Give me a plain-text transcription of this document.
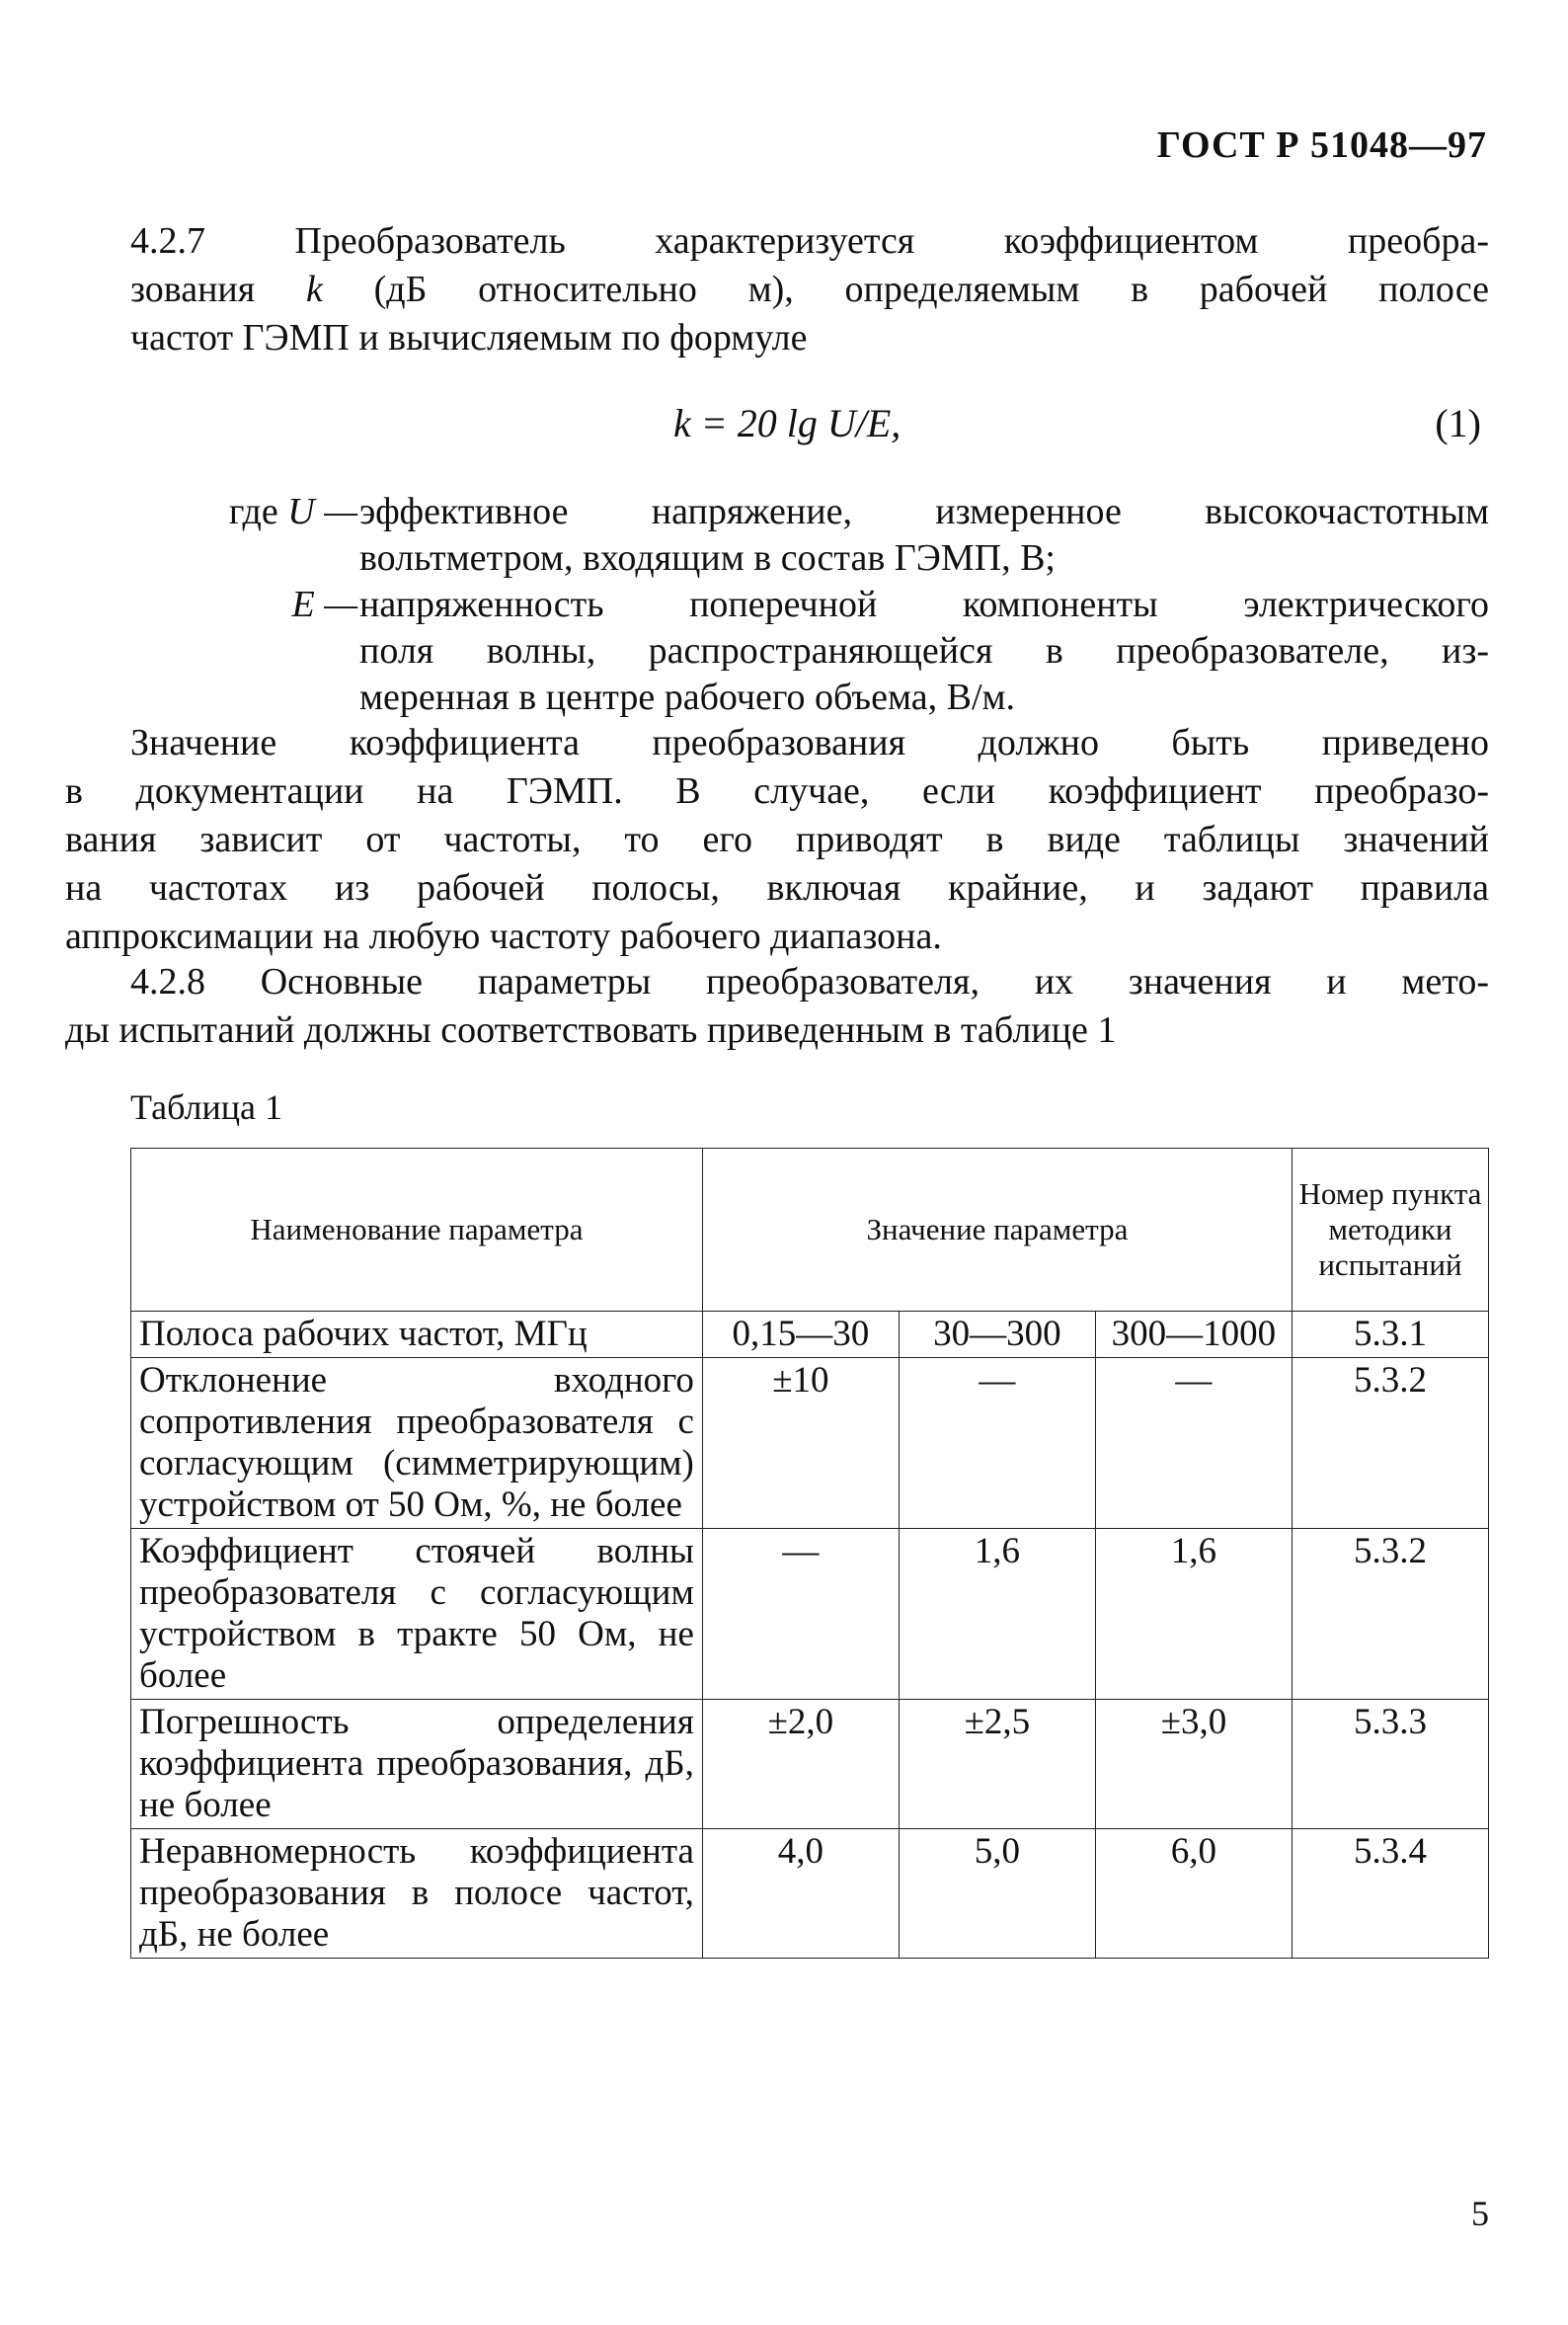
ГОСТ Р 51048—97
4.2.7 Преобразователь характеризуется коэффициентом преобра-
зования k (дБ относительно м), определяемым в рабочей полосе
частот ГЭМП и вычисляемым по формуле
k = 20 lg U/E,	(1)
где U — эффективное напряжение, измеренное высокочастотным
вольтметром, входящим в состав ГЭМП, В;
E — напряженность поперечной компоненты электрического
поля волны, распространяющейся в преобразователе, из-
меренная в центре рабочего объема, В/м.
Значение коэффициента преобразования должно быть приведено
в документации на ГЭМП. В случае, если коэффициент преобразо-
вания зависит от частоты, то его приводят в виде таблицы значений
на частотах из рабочей полосы, включая крайние, и задают правила
аппроксимации на любую частоту рабочего диапазона.
4.2.8 Основные параметры преобразователя, их значения и мето-
ды испытаний должны соответствовать приведенным в таблице 1
Таблица 1
Наименование параметра	Значение параметра			Номер пункта методики испытаний
Полоса рабочих частот, МГц	0,15—30	30—300	300—1000	5.3.1
Отклонение входного сопротивления преобразователя с согласующим (симметрирующим) устройством от 50 Ом, %, не более	±10	—	—	5.3.2
Коэффициент стоячей волны преобразователя с согласующим устройством в тракте 50 Ом, не более	—	1,6	1,6	5.3.2
Погрешность определения коэффициента преобразования, дБ, не более	±2,0	±2,5	±3,0	5.3.3
Неравномерность коэффициента преобразования в полосе частот, дБ, не более	4,0	5,0	6,0	5.3.4
5
